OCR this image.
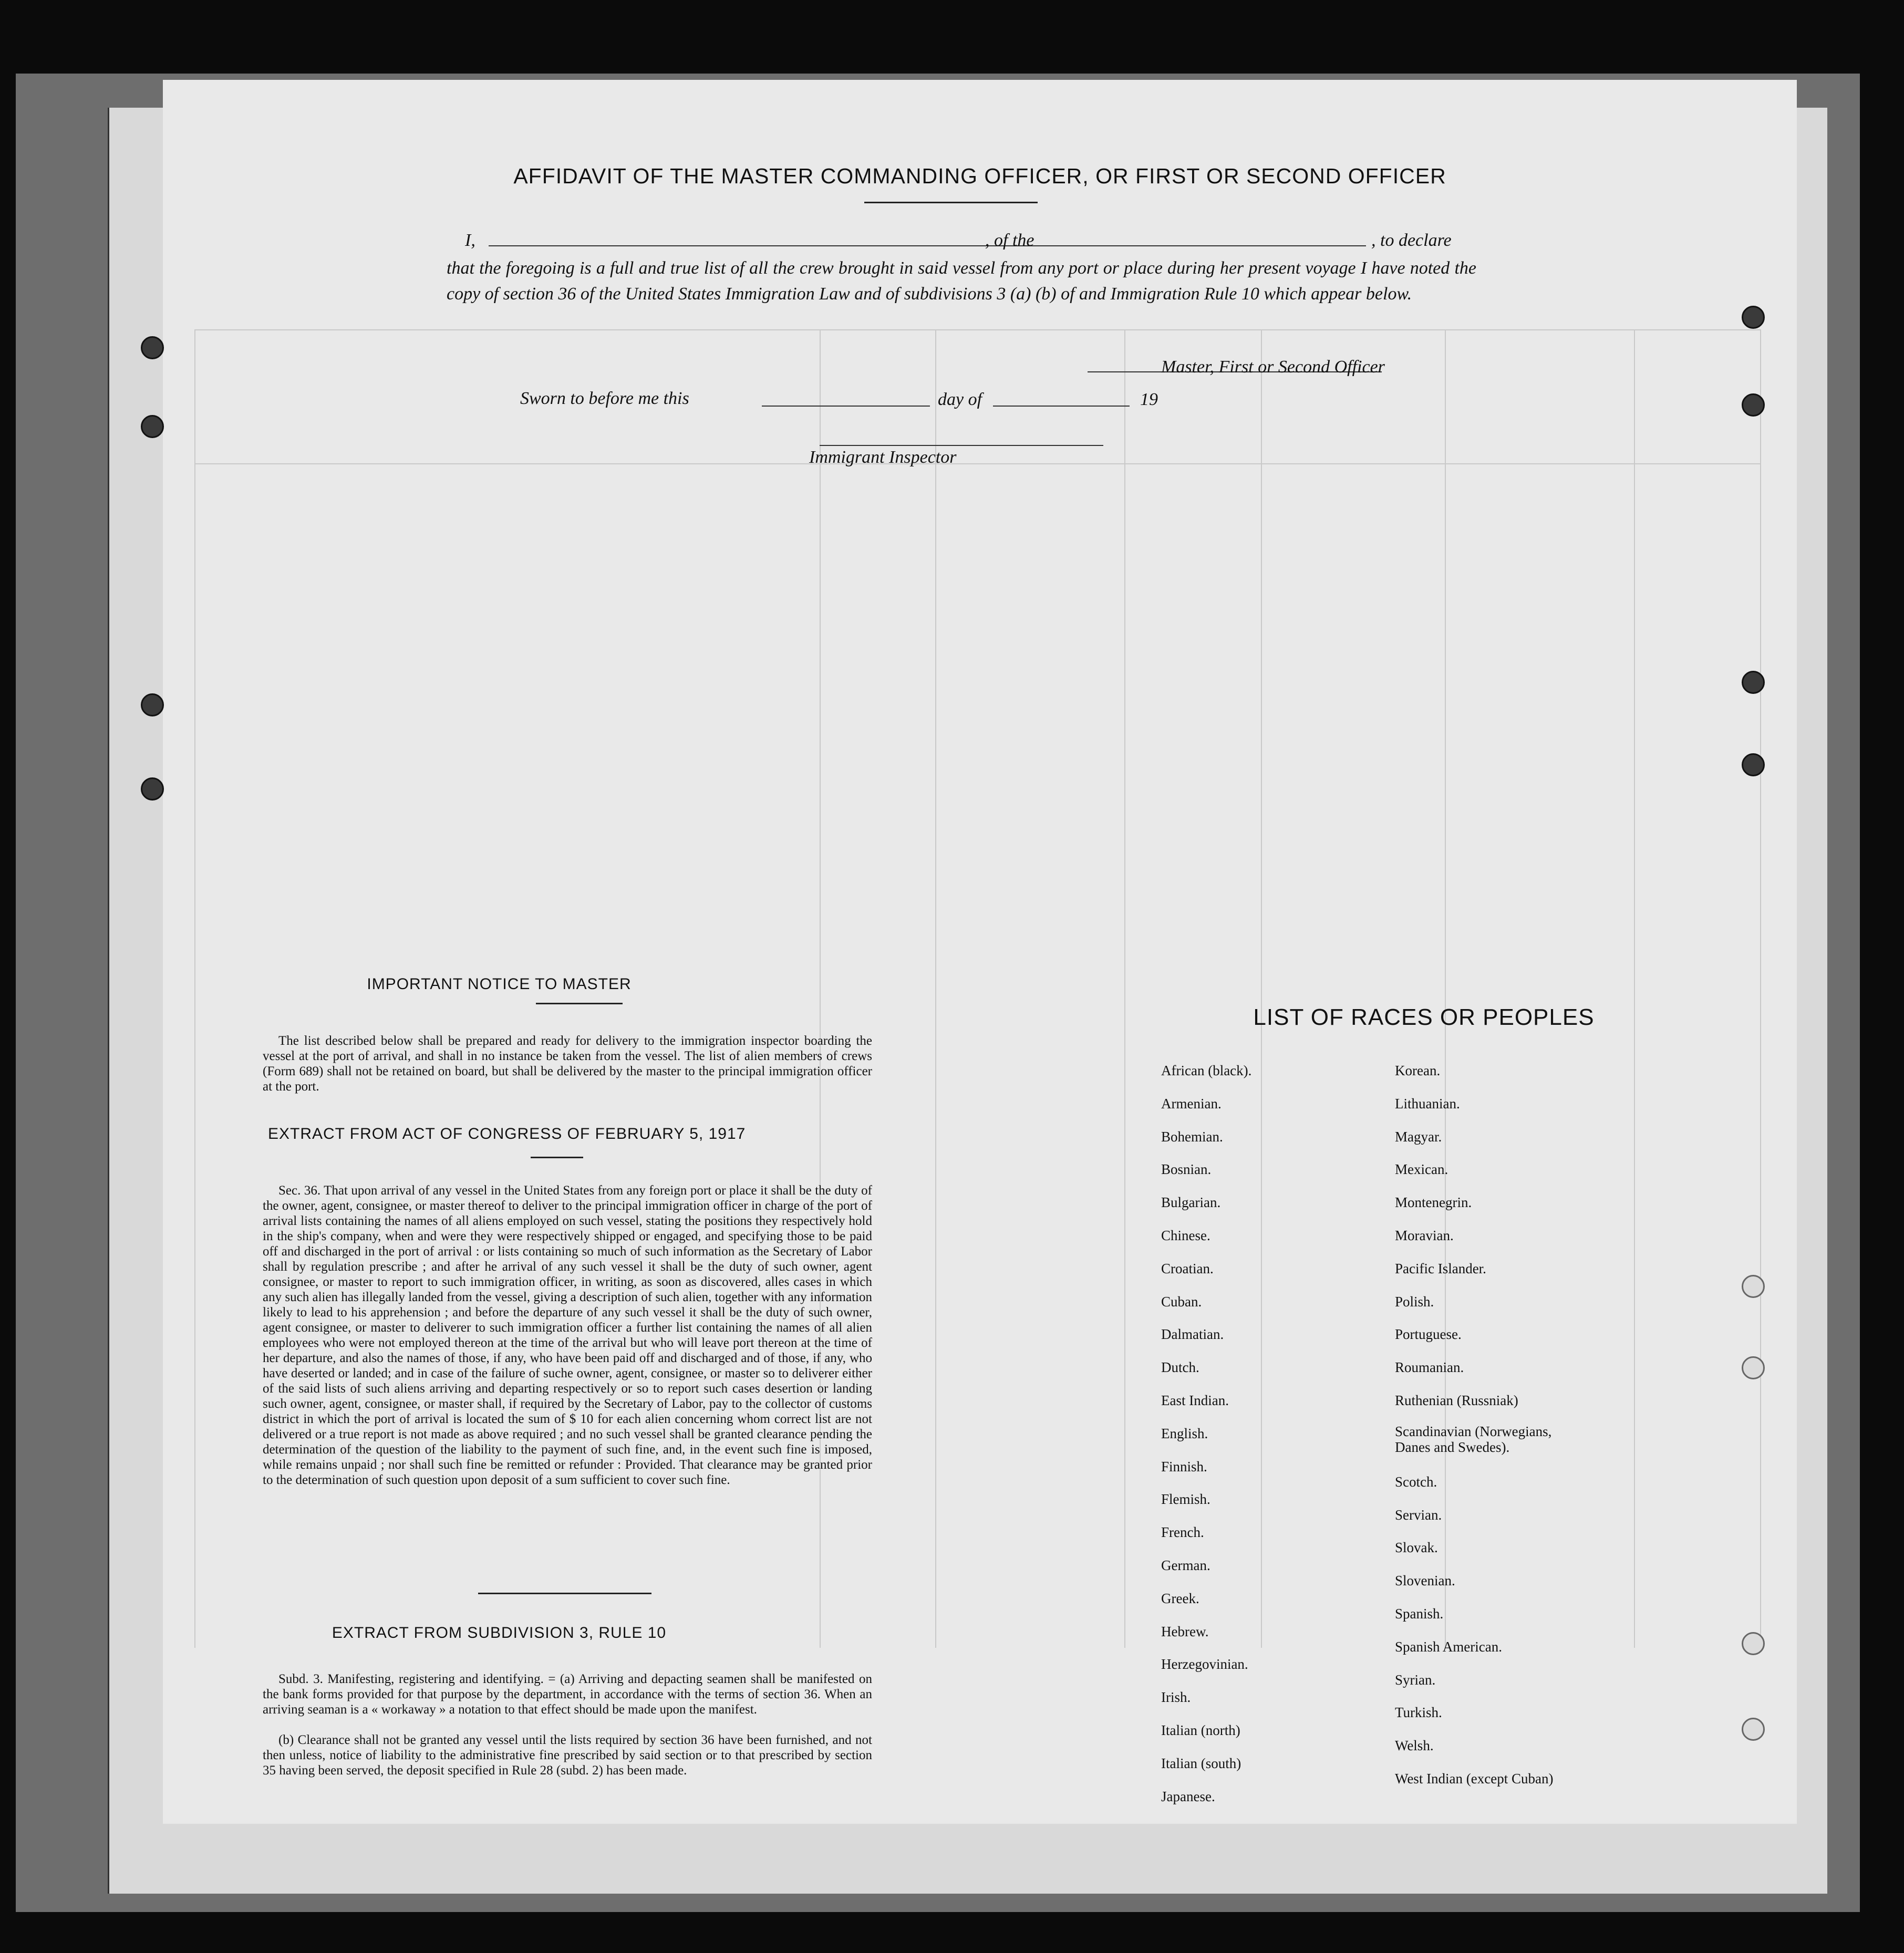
AFFIDAVIT OF THE MASTER COMMANDING OFFICER, OR FIRST OR SECOND OFFICER
I,	, of the	, to declare
that the foregoing is a full and true list of all the crew brought in said vessel from any port or place during her present voyage I have noted the copy of section 36 of the United States Immigration Law and of subdivisions 3 (a) (b) of and Immigration Rule 10 which appear below.
Master, First or Second Officer
Sworn to before me this	day of	19
Immigrant Inspector
IMPORTANT NOTICE TO MASTER
The list described below shall be prepared and ready for delivery to the immigration inspector boarding the vessel at the port of arrival, and shall in no instance be taken from the vessel. The list of alien members of crews (Form 689) shall not be retained on board, but shall be delivered by the master to the principal immigration officer at the port.
EXTRACT FROM ACT OF CONGRESS OF FEBRUARY 5, 1917
Sec. 36. That upon arrival of any vessel in the United States from any foreign port or place it shall be the duty of the owner, agent, consignee, or master thereof to deliver to the principal immigration officer in charge of the port of arrival lists containing the names of all aliens employed on such vessel, stating the positions they respectively hold in the ship's company, when and were they were respectively shipped or engaged, and specifying those to be paid off and discharged in the port of arrival : or lists containing so much of such information as the Secretary of Labor shall by regulation prescribe ; and after he arrival of any such vessel it shall be the duty of such owner, agent consignee, or master to report to such immigration officer, in writing, as soon as discovered, alles cases in which any such alien has illegally landed from the vessel, giving a description of such alien, together with any information likely to lead to his apprehension ; and before the departure of any such vessel it shall be the duty of such owner, agent consignee, or master to deliverer to such immigration officer a further list containing the names of all alien employees who were not employed thereon at the time of the arrival but who will leave port thereon at the time of her departure, and also the names of those, if any, who have been paid off and discharged and of those, if any, who have deserted or landed; and in case of the failure of suche owner, agent, consignee, or master so to deliverer either of the said lists of such aliens arriving and departing respectively or so to report such cases desertion or landing such owner, agent, consignee, or master shall, if required by the Secretary of Labor, pay to the collector of customs district in which the port of arrival is located the sum of $ 10 for each alien concerning whom correct list are not delivered or a true report is not made as above required ; and no such vessel shall be granted clearance pending the determination of the question of the liability to the payment of such fine, and, in the event such fine is imposed, while remains unpaid ; nor shall such fine be remitted or refunder : Provided. That clearance may be granted prior to the determination of such question upon deposit of a sum sufficient to cover such fine.
EXTRACT FROM SUBDIVISION 3, RULE 10
Subd. 3. Manifesting, registering and identifying. = (a) Arriving and depacting seamen shall be manifested on the bank forms provided for that purpose by the department, in accordance with the terms of section 36. When an arriving seaman is a « workaway » a notation to that effect should be made upon the manifest.
(b) Clearance shall not be granted any vessel until the lists required by section 36 have been furnished, and not then unless, notice of liability to the administrative fine prescribed by said section or to that prescribed by section 35 having been served, the deposit specified in Rule 28 (subd. 2) has been made.
LIST OF RACES OR PEOPLES
African (black).
Armenian.
Bohemian.
Bosnian.
Bulgarian.
Chinese.
Croatian.
Cuban.
Dalmatian.
Dutch.
East Indian.
English.
Finnish.
Flemish.
French.
German.
Greek.
Hebrew.
Herzegovinian.
Irish.
Italian (north)
Italian (south)
Japanese.
Korean.
Lithuanian.
Magyar.
Mexican.
Montenegrin.
Moravian.
Pacific Islander.
Polish.
Portuguese.
Roumanian.
Ruthenian (Russniak)
Scandinavian (Norwegians, Danes and Swedes).
Scotch.
Servian.
Slovak.
Slovenian.
Spanish.
Spanish American.
Syrian.
Turkish.
Welsh.
West Indian (except Cuban)
